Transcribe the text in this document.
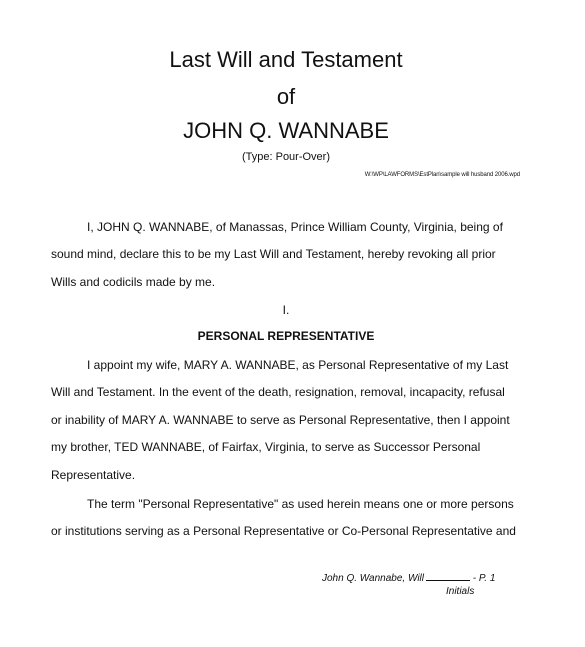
Last Will and Testament
of
JOHN Q. WANNABE
(Type: Pour-Over)
W:\WP\LAWFORMS\EstPlan\sample will husband 2006.wpd
I, JOHN Q. WANNABE, of Manassas, Prince William County, Virginia, being of
sound mind, declare this to be my Last Will and Testament, hereby revoking all prior
Wills and codicils made by me.
I.
PERSONAL REPRESENTATIVE
I appoint my wife, MARY A. WANNABE, as Personal Representative of my Last
Will and Testament. In the event of the death, resignation, removal, incapacity, refusal
or inability of MARY A. WANNABE to serve as Personal Representative, then I appoint
my brother, TED WANNABE, of Fairfax, Virginia, to serve as Successor Personal
Representative.
The term "Personal Representative" as used herein means one or more persons
or institutions serving as a Personal Representative or Co-Personal Representative and
John Q. Wannabe, Will	- P. 1
Initials
